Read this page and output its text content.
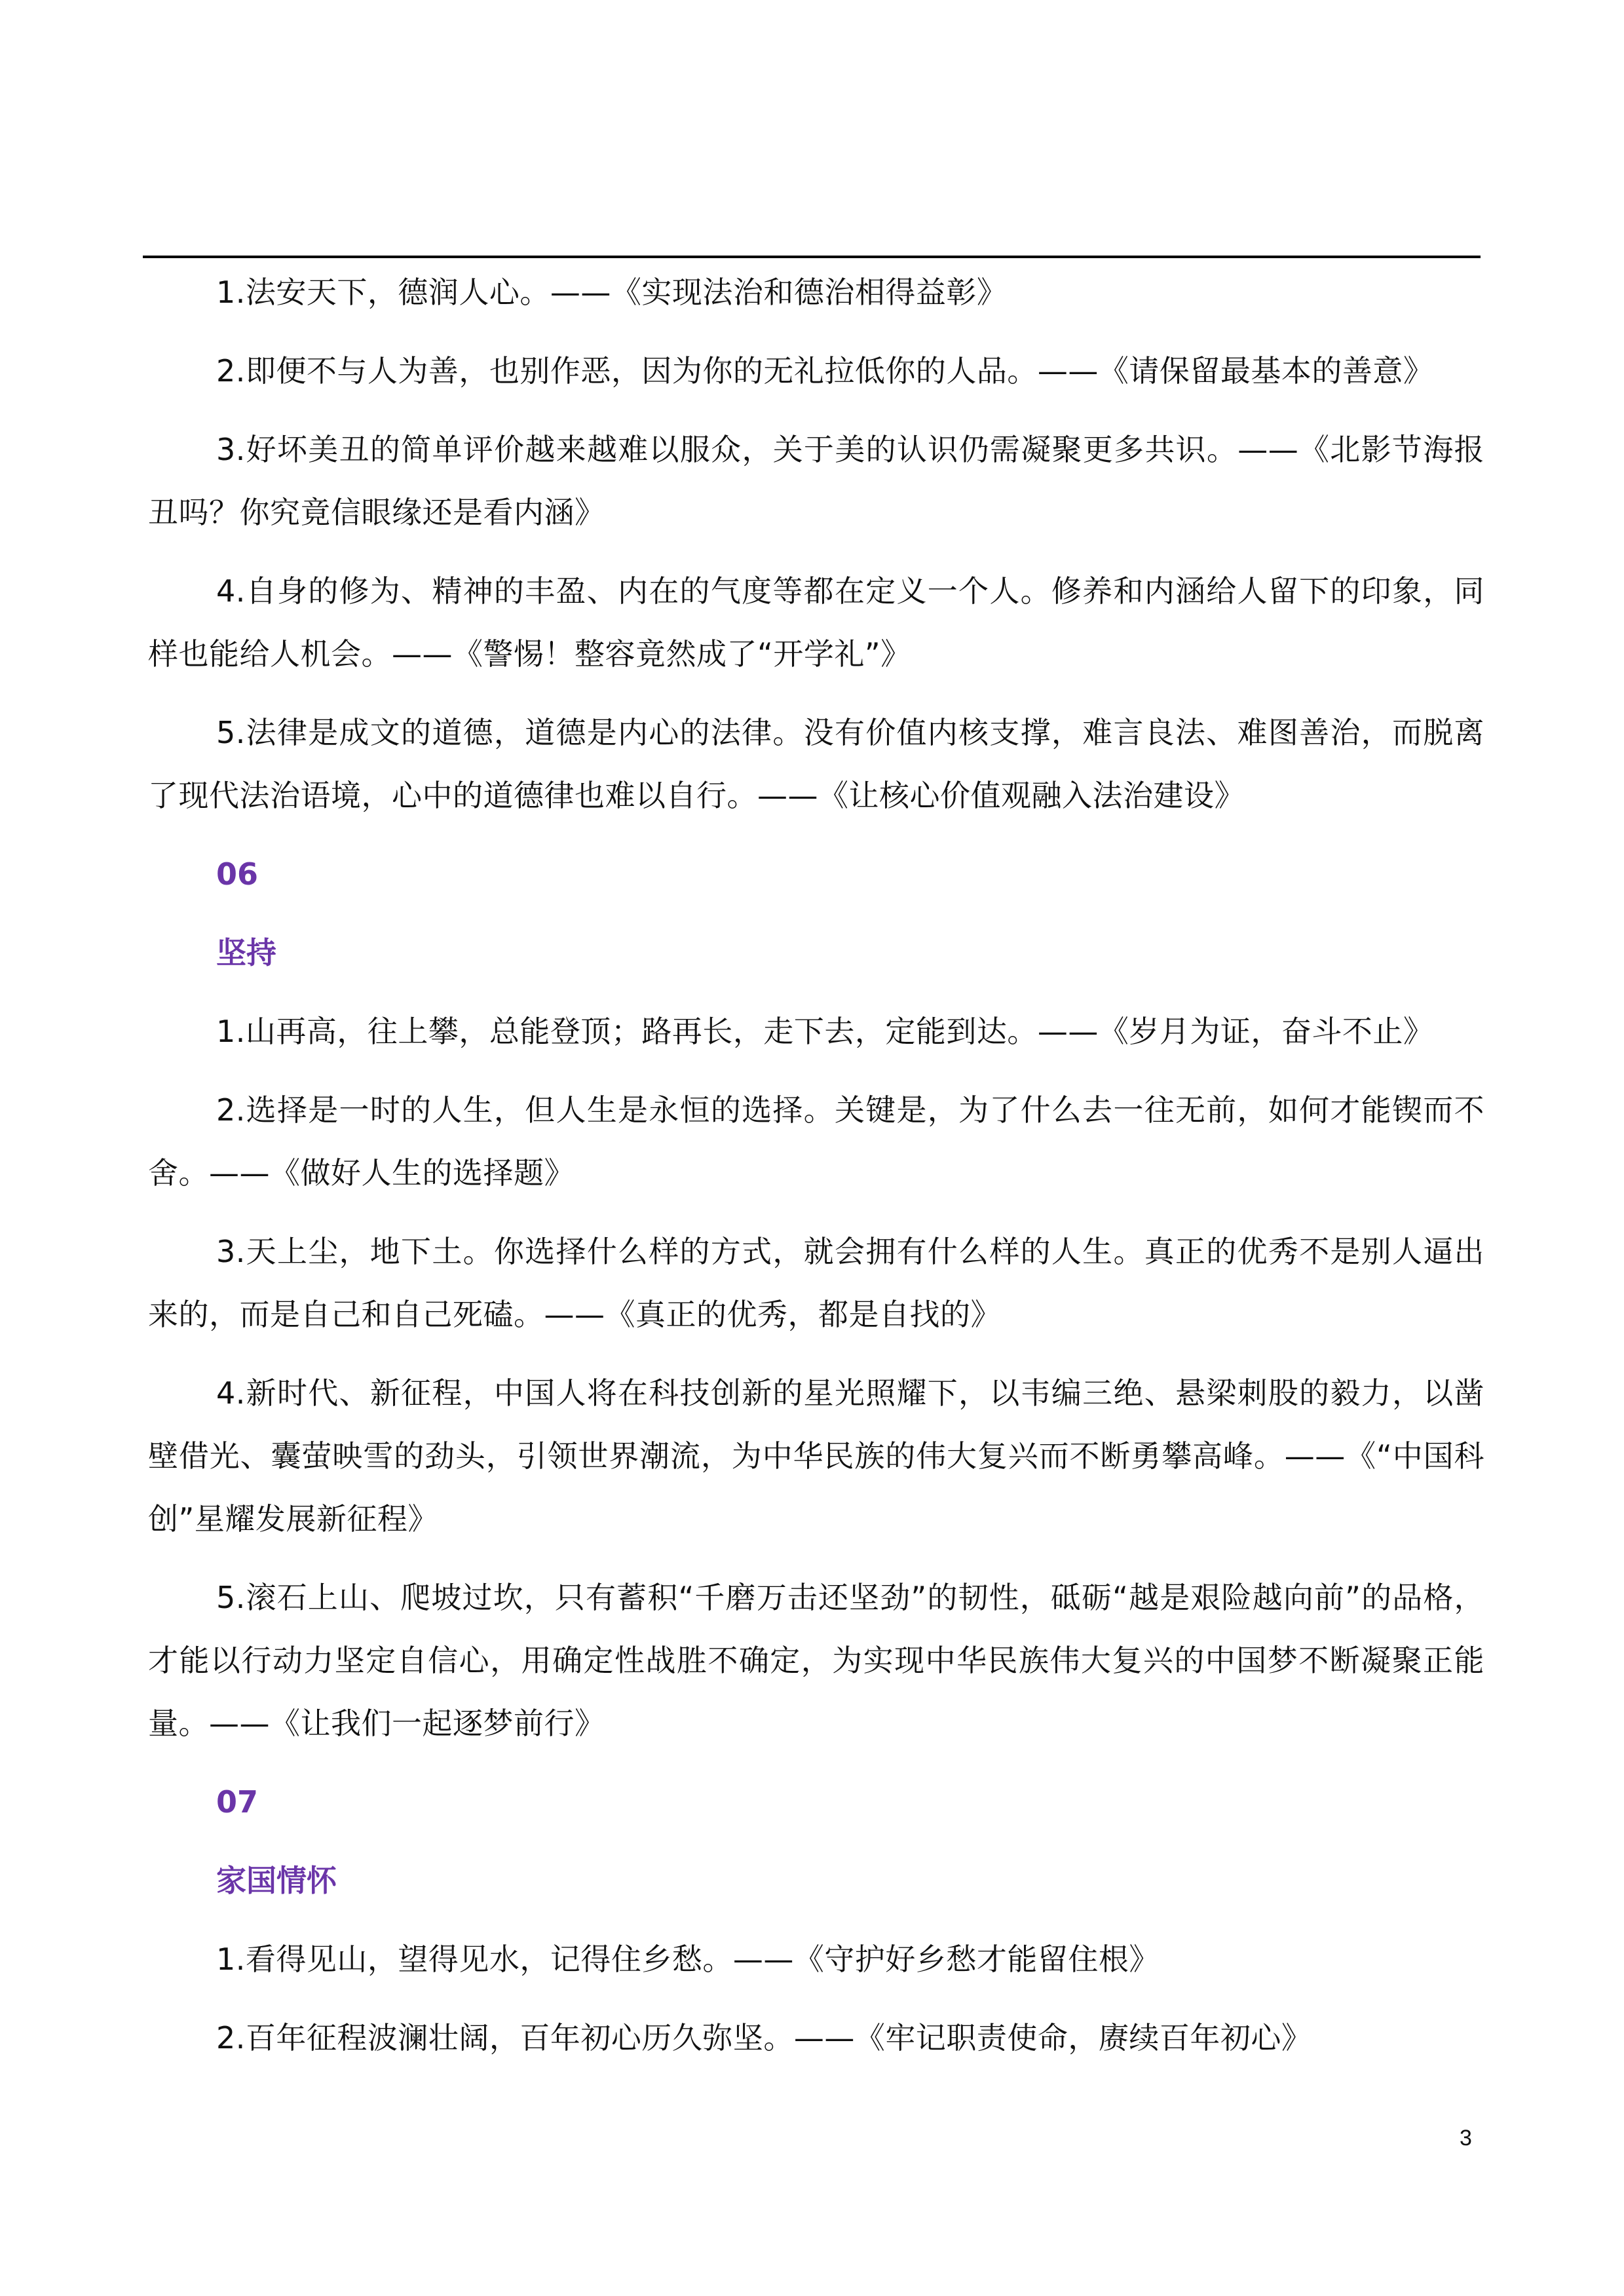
1.法安天下，德润人心。——《实现法治和德治相得益彰》

2.即便不与人为善，也别作恶，因为你的无礼拉低你的人品。——《请保留最基本的善意》

3.好坏美丑的简单评价越来越难以服众，关于美的认识仍需凝聚更多共识。——《北影节海报丑吗？你究竟信眼缘还是看内涵》

4.自身的修为、精神的丰盈、内在的气度等都在定义一个人。修养和内涵给人留下的印象，同样也能给人机会。——《警惕！整容竟然成了“开学礼”》

5.法律是成文的道德，道德是内心的法律。没有价值内核支撑，难言良法、难图善治，而脱离了现代法治语境，心中的道德律也难以自行。——《让核心价值观融入法治建设》

06

坚持

1.山再高，往上攀，总能登顶；路再长，走下去，定能到达。——《岁月为证，奋斗不止》

2.选择是一时的人生，但人生是永恒的选择。关键是，为了什么去一往无前，如何才能锲而不舍。——《做好人生的选择题》

3.天上尘，地下土。你选择什么样的方式，就会拥有什么样的人生。真正的优秀不是别人逼出来的，而是自己和自己死磕。——《真正的优秀，都是自找的》

4.新时代、新征程，中国人将在科技创新的星光照耀下，以韦编三绝、悬梁刺股的毅力，以凿壁借光、囊萤映雪的劲头，引领世界潮流，为中华民族的伟大复兴而不断勇攀高峰。——《“中国科创”星耀发展新征程》

5.滚石上山、爬坡过坎，只有蓄积“千磨万击还坚劲”的韧性，砥砺“越是艰险越向前”的品格，才能以行动力坚定自信心，用确定性战胜不确定，为实现中华民族伟大复兴的中国梦不断凝聚正能量。——《让我们一起逐梦前行》

07

家国情怀

1.看得见山，望得见水，记得住乡愁。——《守护好乡愁才能留住根》

2.百年征程波澜壮阔，百年初心历久弥坚。——《牢记职责使命，赓续百年初心》

3
